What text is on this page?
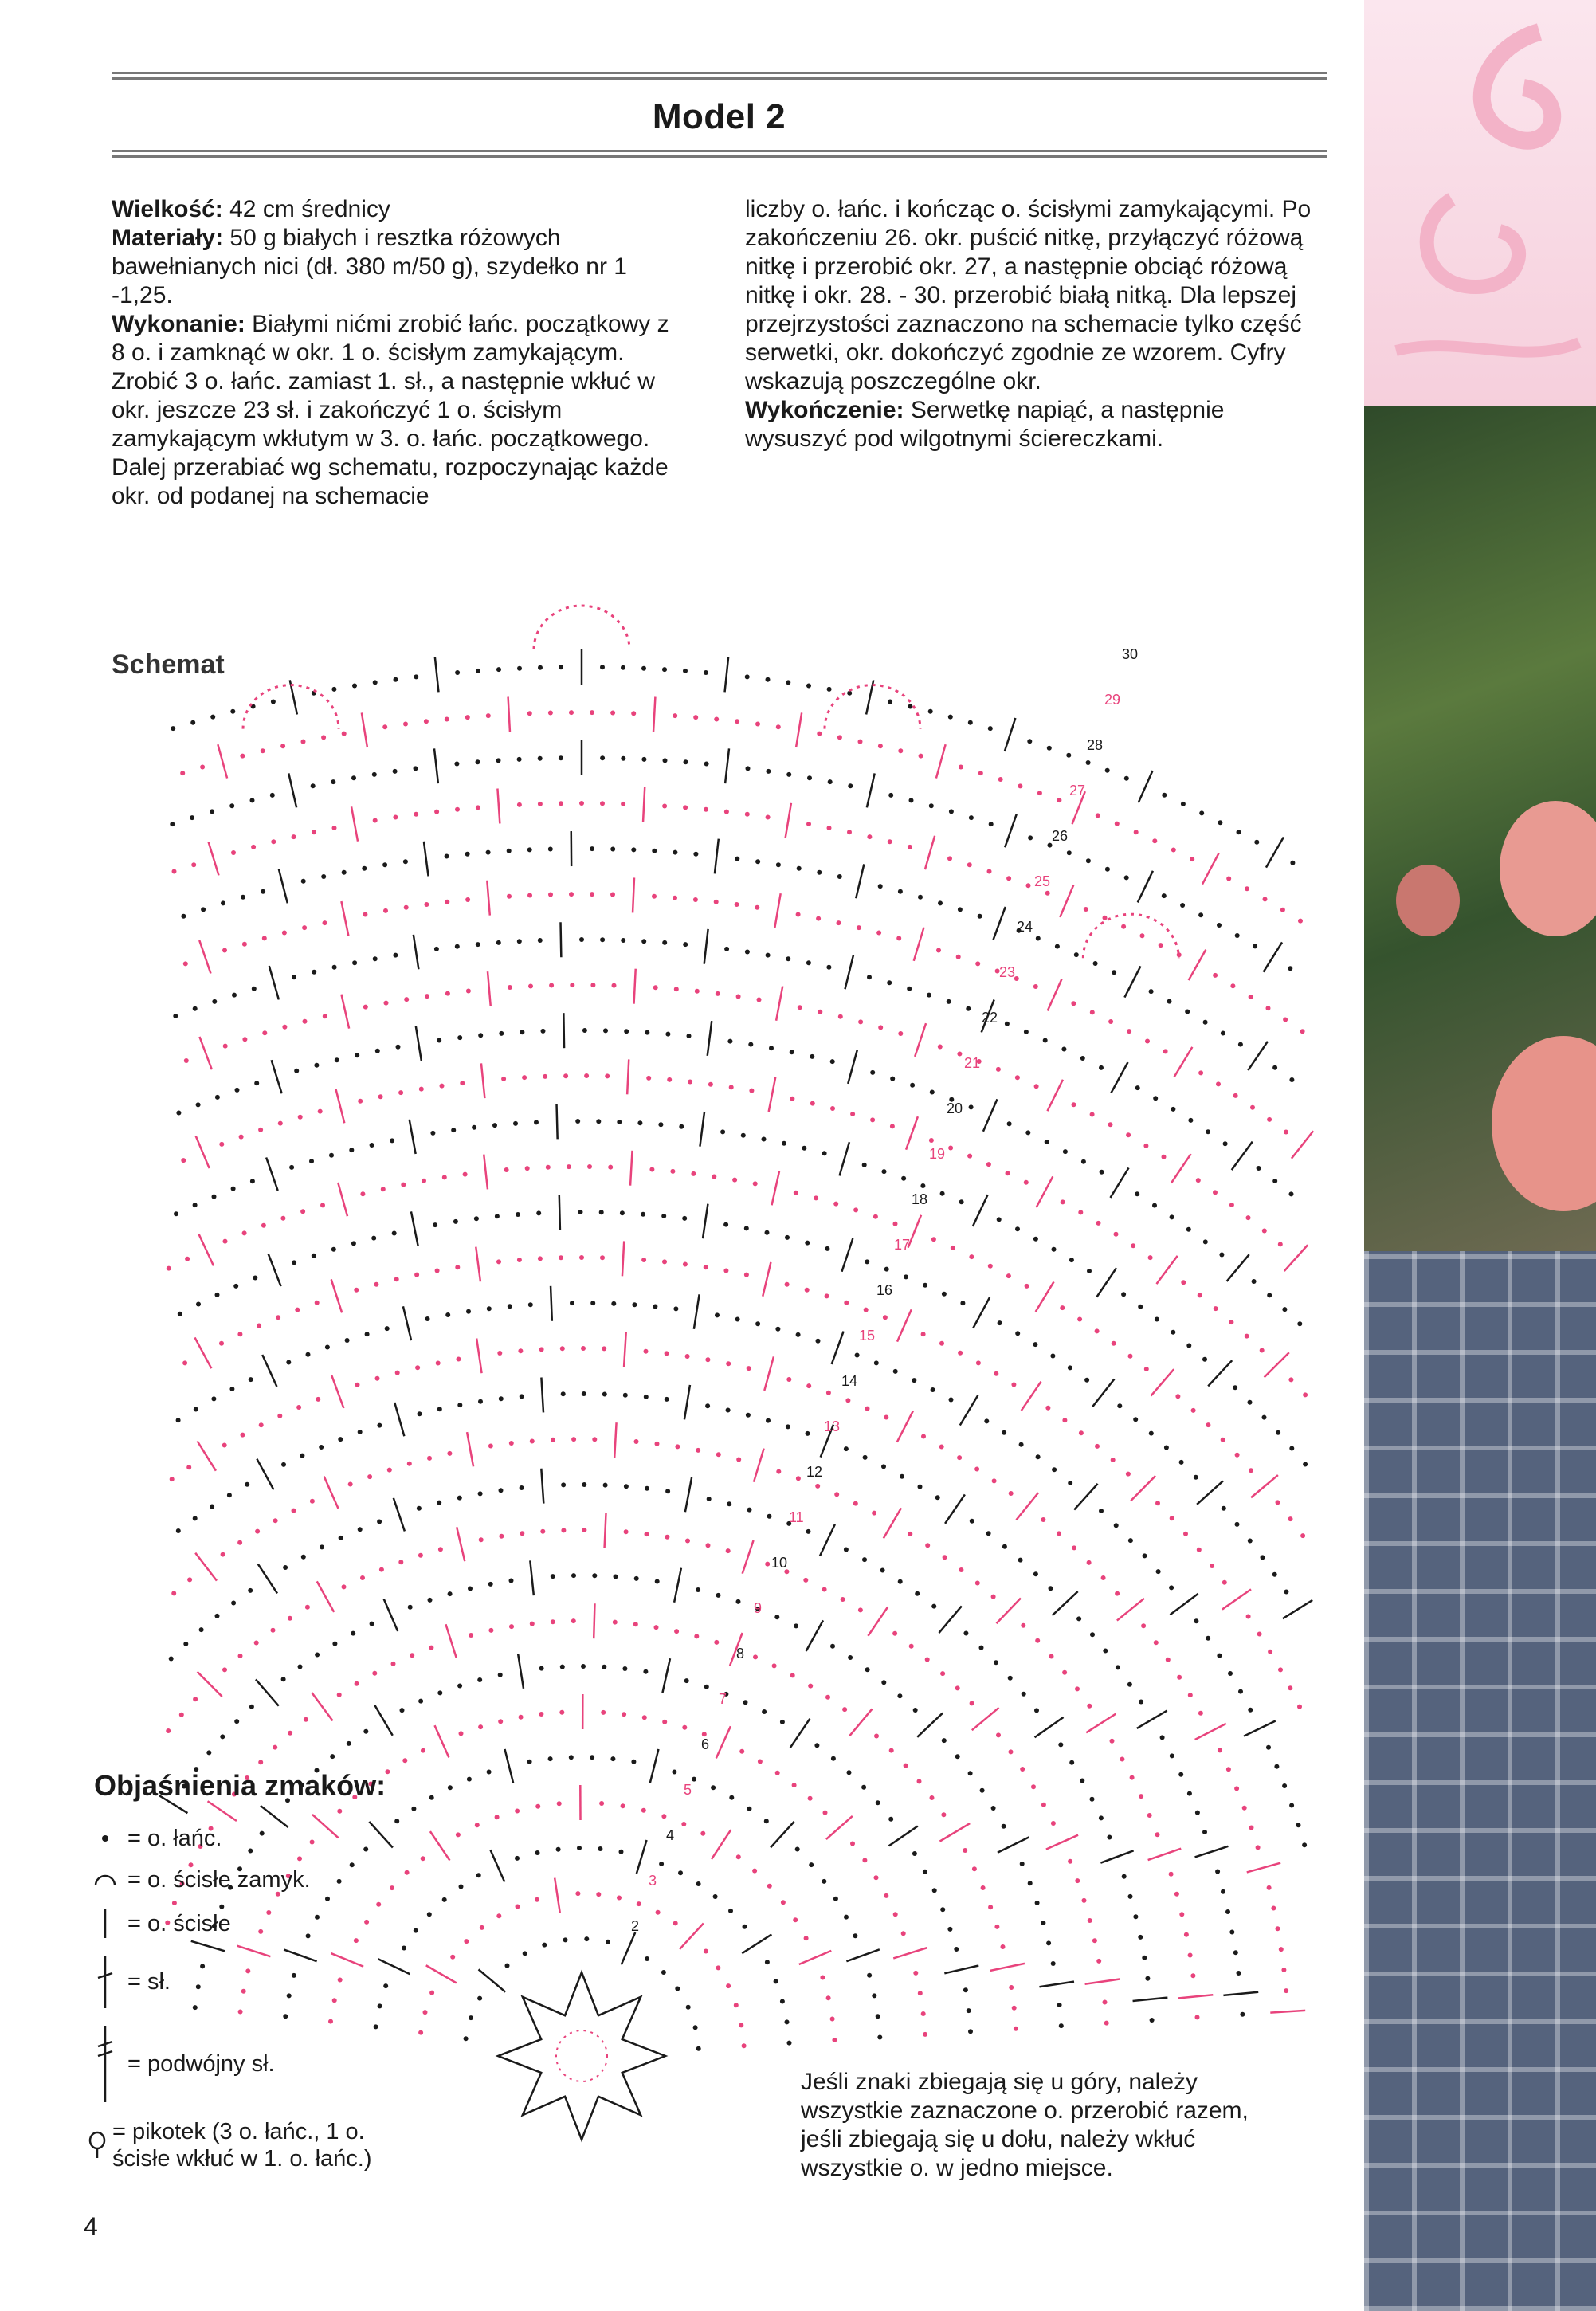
Model 2

Wielkość: 42 cm średnicy

Materiały: 50 g białych i resztka różowych bawełnianych nici (dł. 380 m/50 g), szydełko nr 1 -1,25.

Wykonanie: Białymi nićmi zrobić łańc. początkowy z 8 o. i zamknąć w okr. 1 o. ścisłym zamykającym. Zrobić 3 o. łańc. zamiast 1. sł., a następnie wkłuć w okr. jeszcze 23 sł. i zakończyć 1 o. ścisłym zamykającym wkłutym w 3. o. łańc. początkowego. Dalej przerabiać wg schematu, rozpoczynając każde okr. od podanej na schemacie

liczby o. łańc. i kończąc o. ścisłymi zamykającymi. Po zakończeniu 26. okr. puścić nitkę, przyłączyć różową nitkę i przerobić okr. 27, a następnie obciąć różową nitkę i okr. 28. - 30. przerobić białą nitką. Dla lepszej przejrzystości zaznaczono na schemacie tylko część serwetki, okr. dokończyć zgodnie ze wzorem. Cyfry wskazują poszczególne okr.

Wykończenie: Serwetkę napiąć, a następnie wysuszyć pod wilgotnymi ściereczkami.

Schemat
2
3
4
5
6
7
8
9
10
11
12
13
14
15
16
17
18
19
20
21
22
23
24
25
26
27
28
29
30
Objaśnienia zmaków:
= o. łańc.
= o. ścisłe zamyk.
= o. ścisłe
= sł.
= podwójny sł.
= pikotek (3 o. łańc., 1 o. ścisłe wkłuć w 1. o. łańc.)
4
Jeśli znaki zbiegają się u góry, należy wszystkie zaznaczone o. przerobić razem, jeśli zbiegają się u dołu, należy wkłuć wszystkie o. w jedno miejsce.
